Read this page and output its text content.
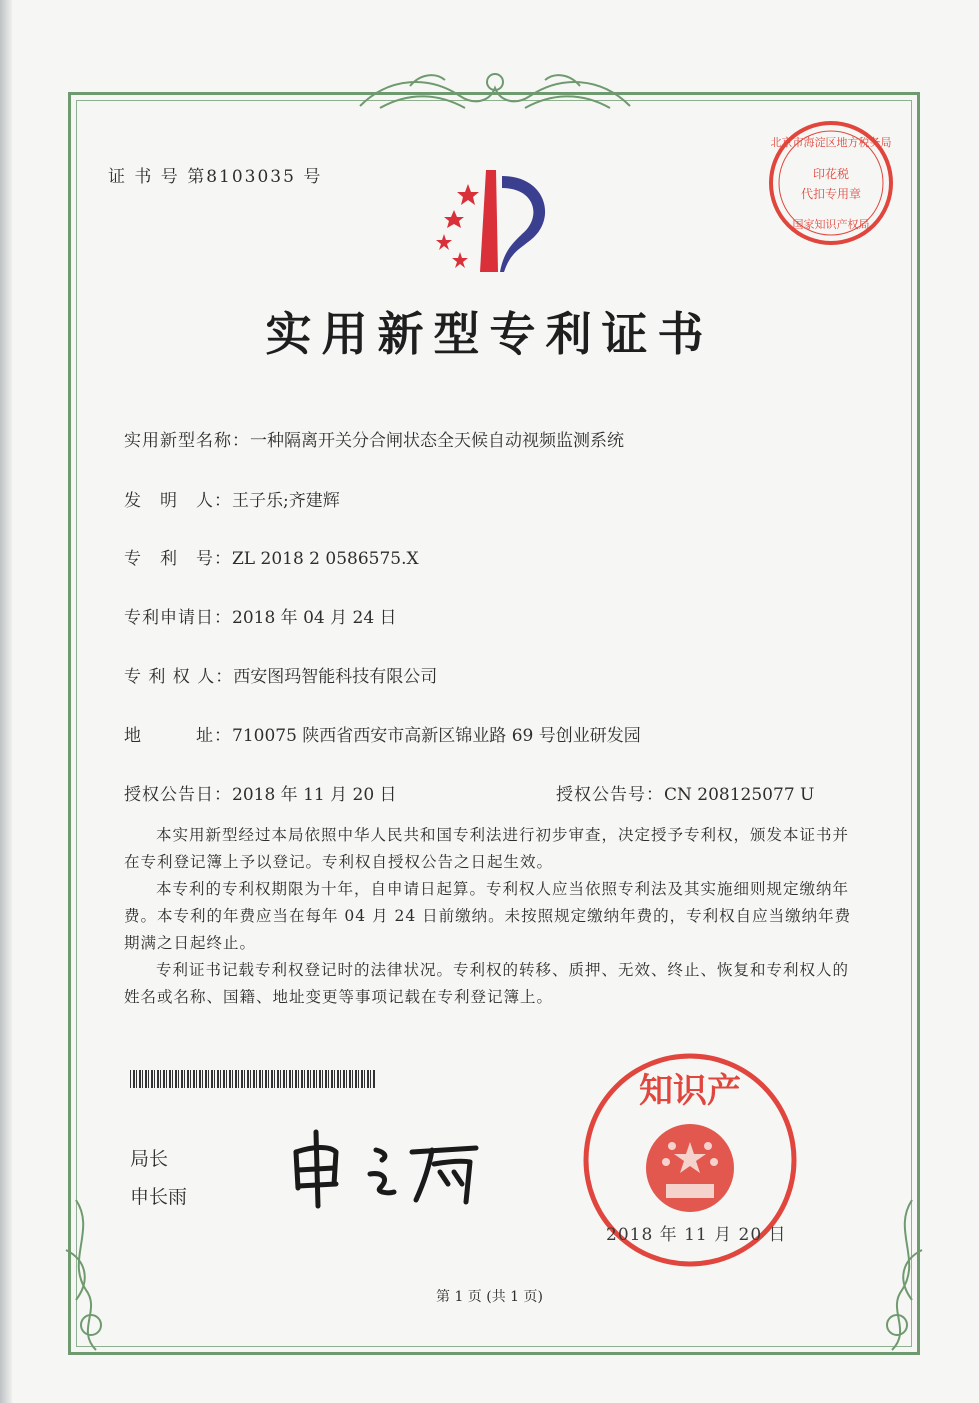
北京市海淀区地方税务局
印花税
代扣专用章
国家知识产权局
证 书 号 第8103035 号
实用新型专利证书
实用新型名称：一种隔离开关分合闸状态全天候自动视频监测系统
发　明　人：王子乐;齐建辉
专　利　号：ZL 2018 2 0586575.X
专利申请日：2018 年 04 月 24 日
专 利 权 人：西安图玛智能科技有限公司
地　　　址：710075 陕西省西安市高新区锦业路 69 号创业研发园
授权公告日：2018 年 11 月 20 日	授权公告号：CN 208125077 U

本实用新型经过本局依照中华人民共和国专利法进行初步审查，决定授予专利权，颁发本证书并在专利登记簿上予以登记。专利权自授权公告之日起生效。

本专利的专利权期限为十年，自申请日起算。专利权人应当依照专利法及其实施细则规定缴纳年费。本专利的年费应当在每年 04 月 24 日前缴纳。未按照规定缴纳年费的，专利权自应当缴纳年费期满之日起终止。

专利证书记载专利权登记时的法律状况。专利权的转移、质押、无效、终止、恢复和专利权人的姓名或名称、国籍、地址变更等事项记载在专利登记簿上。

局长
申长雨
知识产
2018 年 11 月 20 日
第 1 页 (共 1 页)
